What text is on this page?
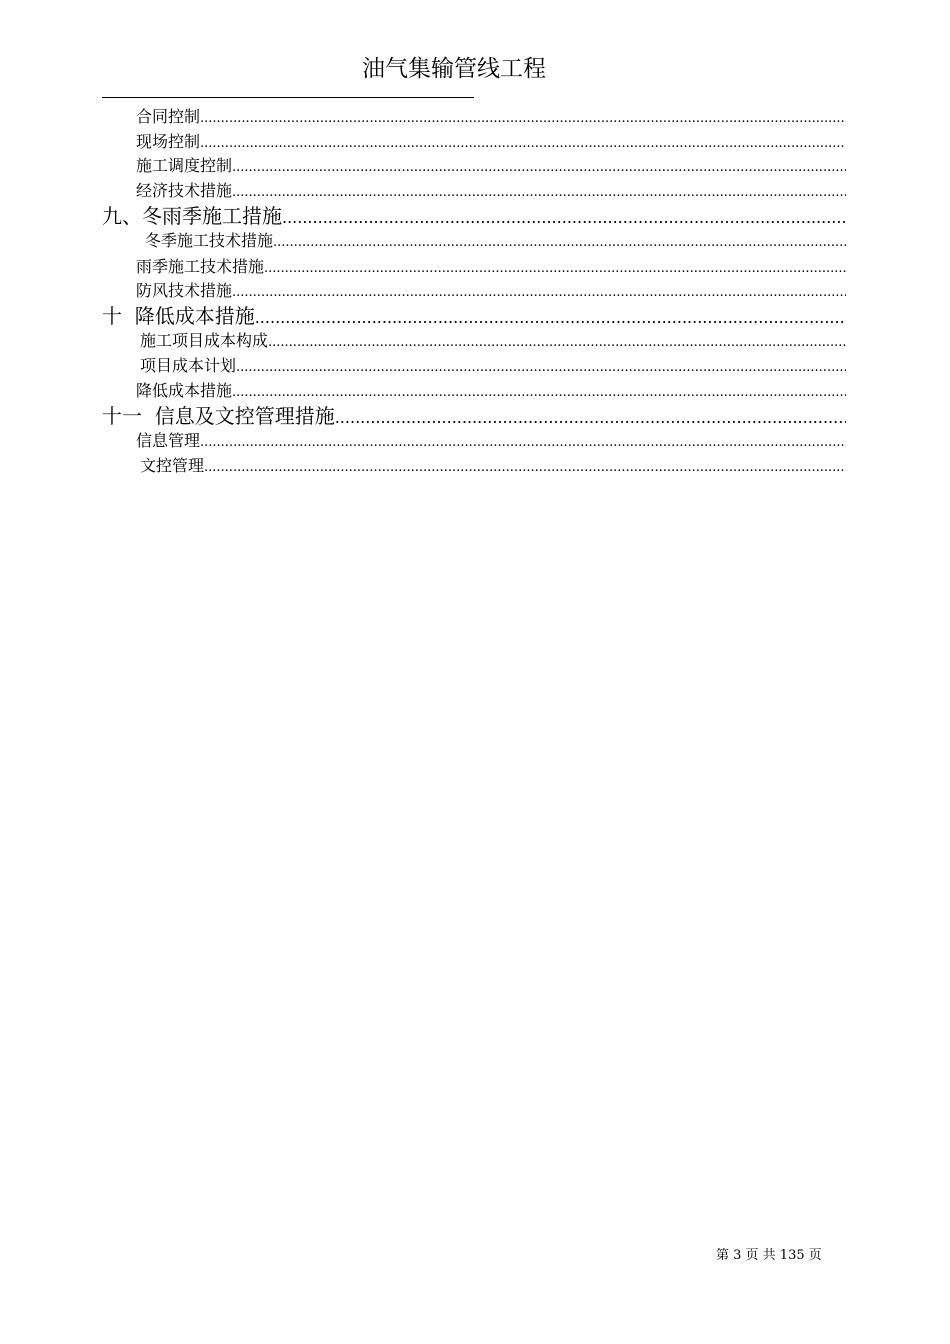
油气集输管线工程
合同控制
.....
现场控制
.....
施工调度控制
.....
经济技术措施
.....
九、冬雨季施工措施
.....
冬季施工技术措施
.....
雨季施工技术措施
.....
防风技术措施
.....
十  降低成本措施
.....
施工项目成本构成
.....
项目成本计划
.....
降低成本措施
.....
十一  信息及文控管理措施
.....
信息管理
.....
文控管理
.....
第 3 页 共 135 页
